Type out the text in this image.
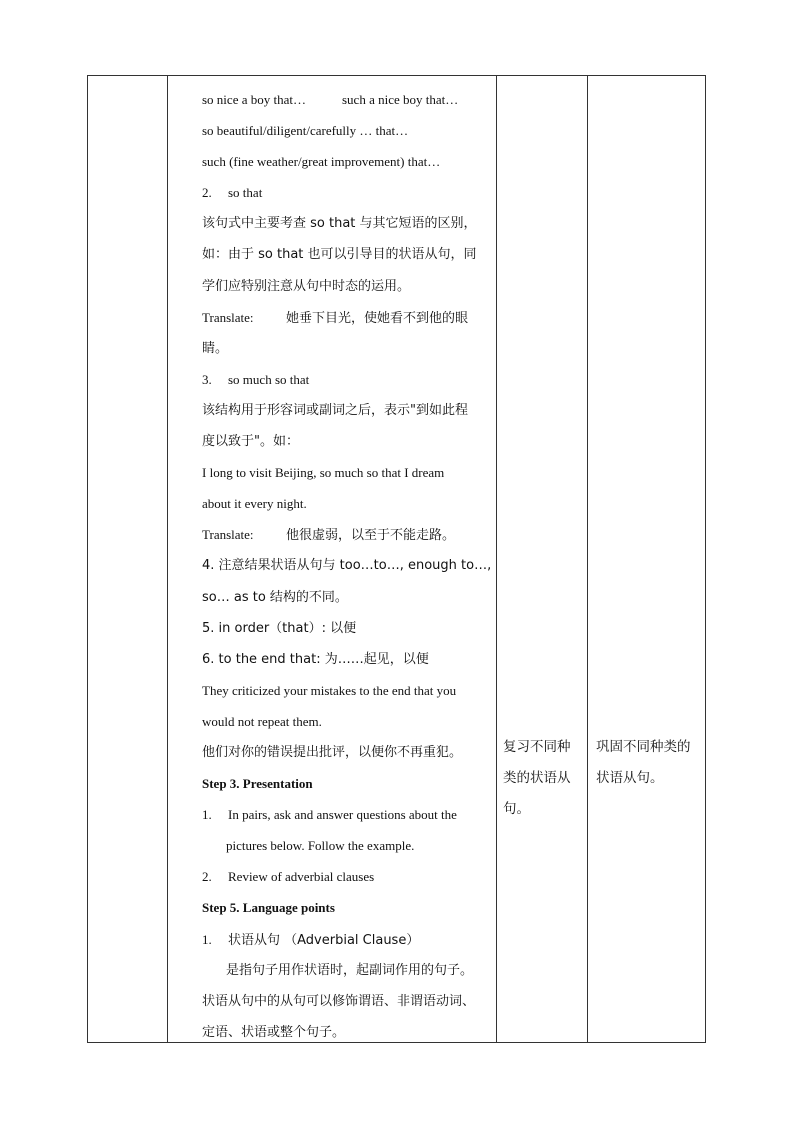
so nice a boy that…	such a nice boy that…
so beautiful/diligent/carefully … that…
such (fine weather/great improvement) that…
2. so that
该句式中主要考查 so that 与其它短语的区别，
如：由于 so that 也可以引导目的状语从句，同
学们应特别注意从句中时态的运用。
Translate: 她垂下目光，使她看不到他的眼
睛。
3. so much so that
该结构用于形容词或副词之后，表示"到如此程
度以致于"。如：
I long to visit Beijing, so much so that I dream
about it every night.
Translate: 他很虚弱，以至于不能走路。
4. 注意结果状语从句与 too…to…, enough to…,
so… as to 结构的不同。
5. in order（that）: 以便
6. to the end that: 为……起见，以便
They criticized your mistakes to the end that you
would not repeat them.
他们对你的错误提出批评，以便你不再重犯。
Step 3. Presentation
1. In pairs, ask and answer questions about the
pictures below. Follow the example.
2. Review of adverbial clauses
Step 5. Language points
1. 状语从句 （Adverbial Clause）
是指句子用作状语时，起副词作用的句子。
状语从句中的从句可以修饰谓语、非谓语动词、
定语、状语或整个句子。
复习不同种
类的状语从
句。
巩固不同种类的
状语从句。
